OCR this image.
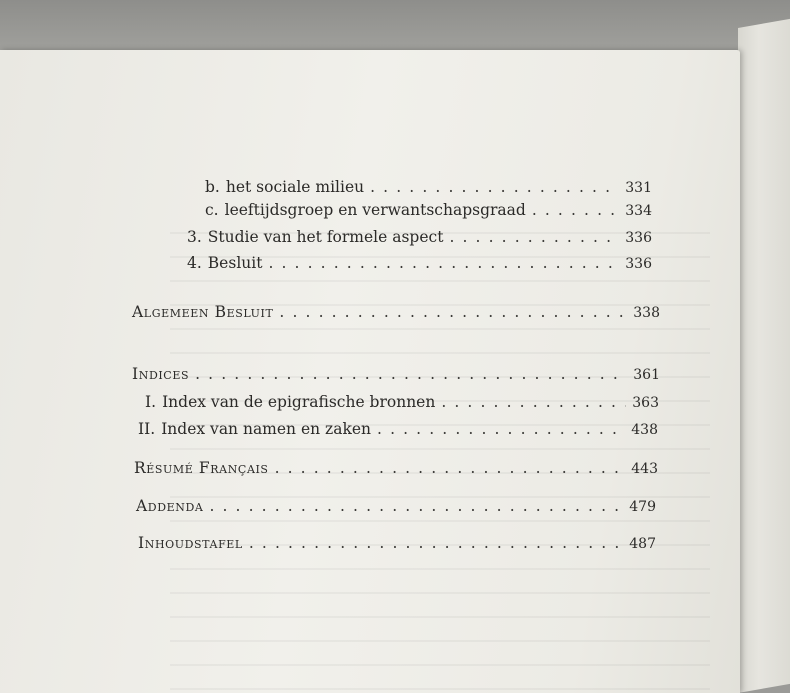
b. het sociale milieu . . .	331
c. leeftijdsgroep en verwantschapsgraad . . .	334
3. Studie van het formele aspect . . .	336
4. Besluit . . .	336
Algemeen Besluit . . .	338
Indices . . .	361
I. Index van de epigrafische bronnen . . .	363
II. Index van namen en zaken . . .	438
Résumé Français . . .	443
Addenda . . .	479
Inhoudstafel . . .	487
